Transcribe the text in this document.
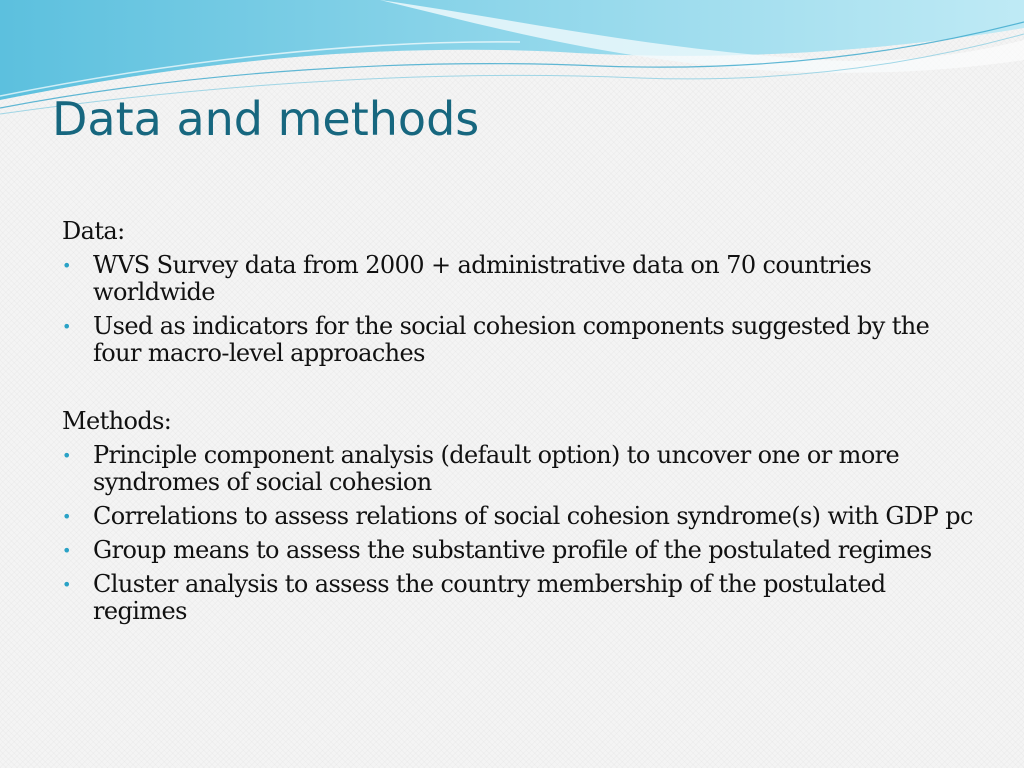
Data and methods
Data:
• WVS Survey data from 2000 + administrative data on 70 countries worldwide
• Used as indicators for the social cohesion components suggested by the four macro-level approaches
Methods:
• Principle component analysis (default option) to uncover one or more syndromes of social cohesion
• Correlations to assess relations of social cohesion syndrome(s) with GDP pc
• Group means to assess the substantive profile of the postulated regimes
• Cluster analysis to assess the country membership of the postulated regimes
